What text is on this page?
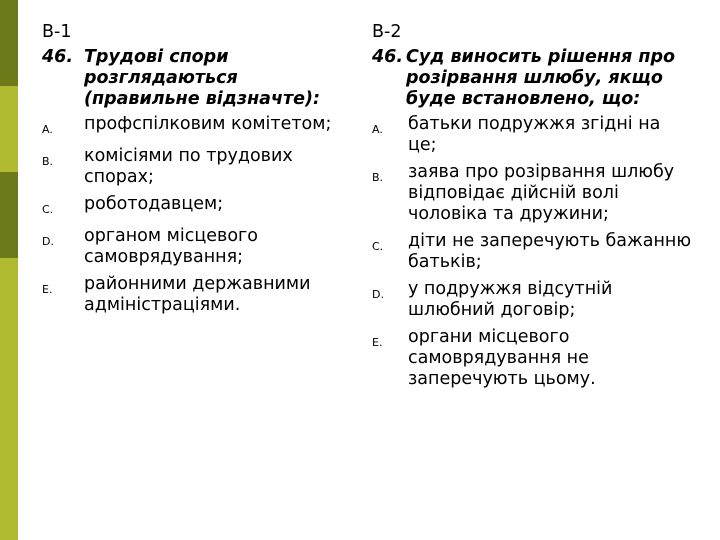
В-1
46. Трудові спори розглядаються (правильне відзначте):
A.	профспілковим комітетом;
B.	комісіями по трудових спорах;
C.	роботодавцем;
D.	органом місцевого самоврядування;
E.	районними державними адміністраціями.
В-2
46. Суд виносить рішення про розірвання шлюбу, якщо буде встановлено, що:
A.	батьки подружжя згідні на це;
B.	заява про розірвання шлюбу відповідає дійсній волі чоловіка та дружини;
C.	діти не заперечують бажанню батьків;
D.	у подружжя відсутній шлюбний договір;
E.	органи місцевого самоврядування не заперечують цьому.
